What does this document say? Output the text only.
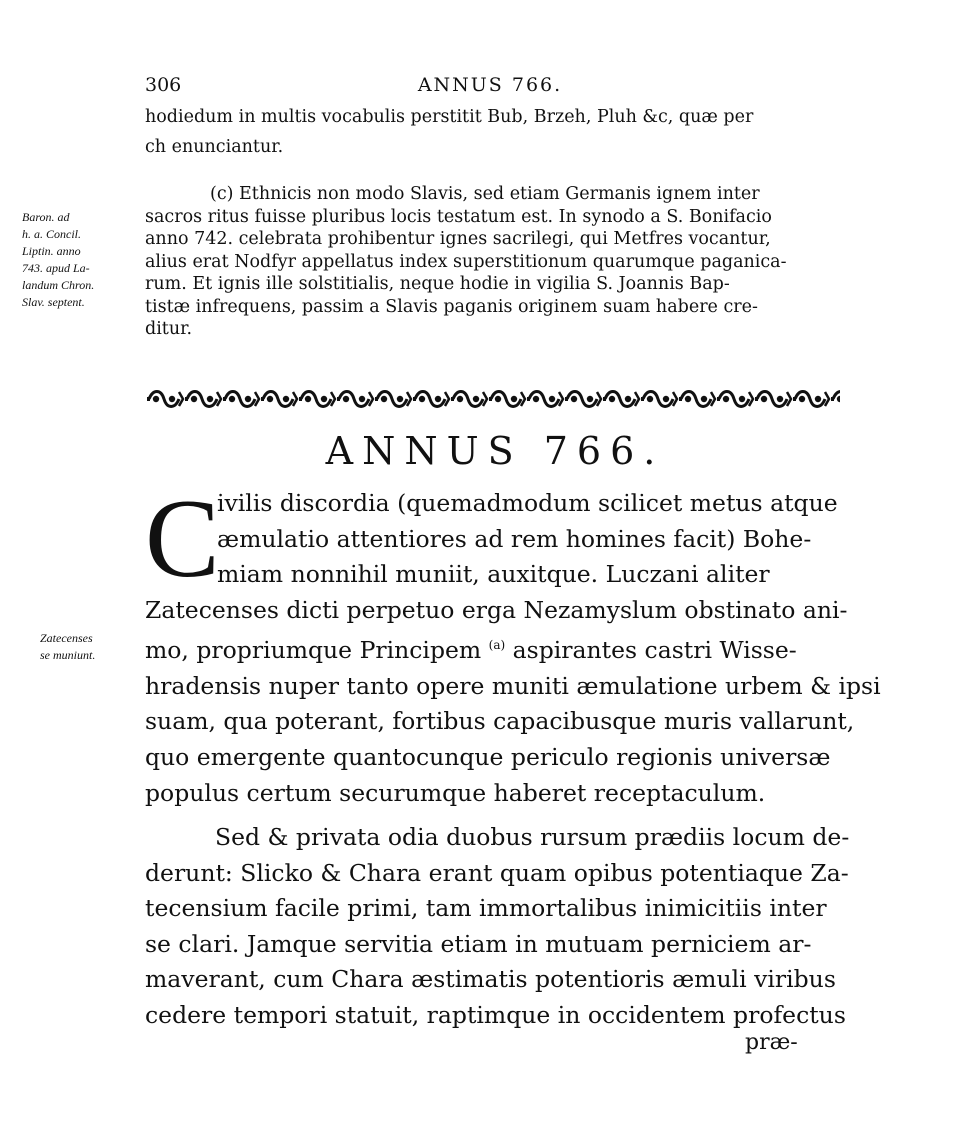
306	ANNUS 766.
hodiedum in multis vocabulis perstitit Bub, Brzeh, Pluh &c, quæ per
ch enunciantur.
(c) Ethnicis non modo Slavis, sed etiam Germanis ignem inter
sacros ritus fuisse pluribus locis testatum est. In synodo a S. Bonifacio
anno 742. celebrata prohibentur ignes sacrilegi, qui Metfres vocantur,
alius erat Nodfyr appellatus index superstitionum quarumque paganica-
rum. Et ignis ille solstitialis, neque hodie in vigilia S. Joannis Bap-
tistæ infrequens, passim a Slavis paganis originem suam habere cre-
ditur.
Baron. ad
h. a. Concil.
Liptin. anno
743. apud La-
landum Chron.
Slav. septent.
ANNUS 766.
C
ivilis discordia (quemadmodum scilicet metus atque
æmulatio attentiores ad rem homines facit) Bohe-
miam nonnihil muniit, auxitque. Luczani aliter
Zatecenses dicti perpetuo erga Nezamyslum obstinato ani-
mo, propriumque Principem $^{(a)}$ aspirantes castri Wisse-
hradensis nuper tanto opere muniti æmulatione urbem & ipsi
suam, qua poterant, fortibus capacibusque muris vallarunt,
quo emergente quantocunque periculo regionis universæ
populus certum securumque haberet receptaculum.
Zatecenses
se muniunt.
Sed & privata odia duobus rursum prædiis locum de-
derunt: Slicko & Chara erant quam opibus potentiaque Za-
tecensium facile primi, tam immortalibus inimicitiis inter
se clari. Jamque servitia etiam in mutuam perniciem ar-
maverant, cum Chara æstimatis potentioris æmuli viribus
cedere tempori statuit, raptimque in occidentem profectus
præ-
